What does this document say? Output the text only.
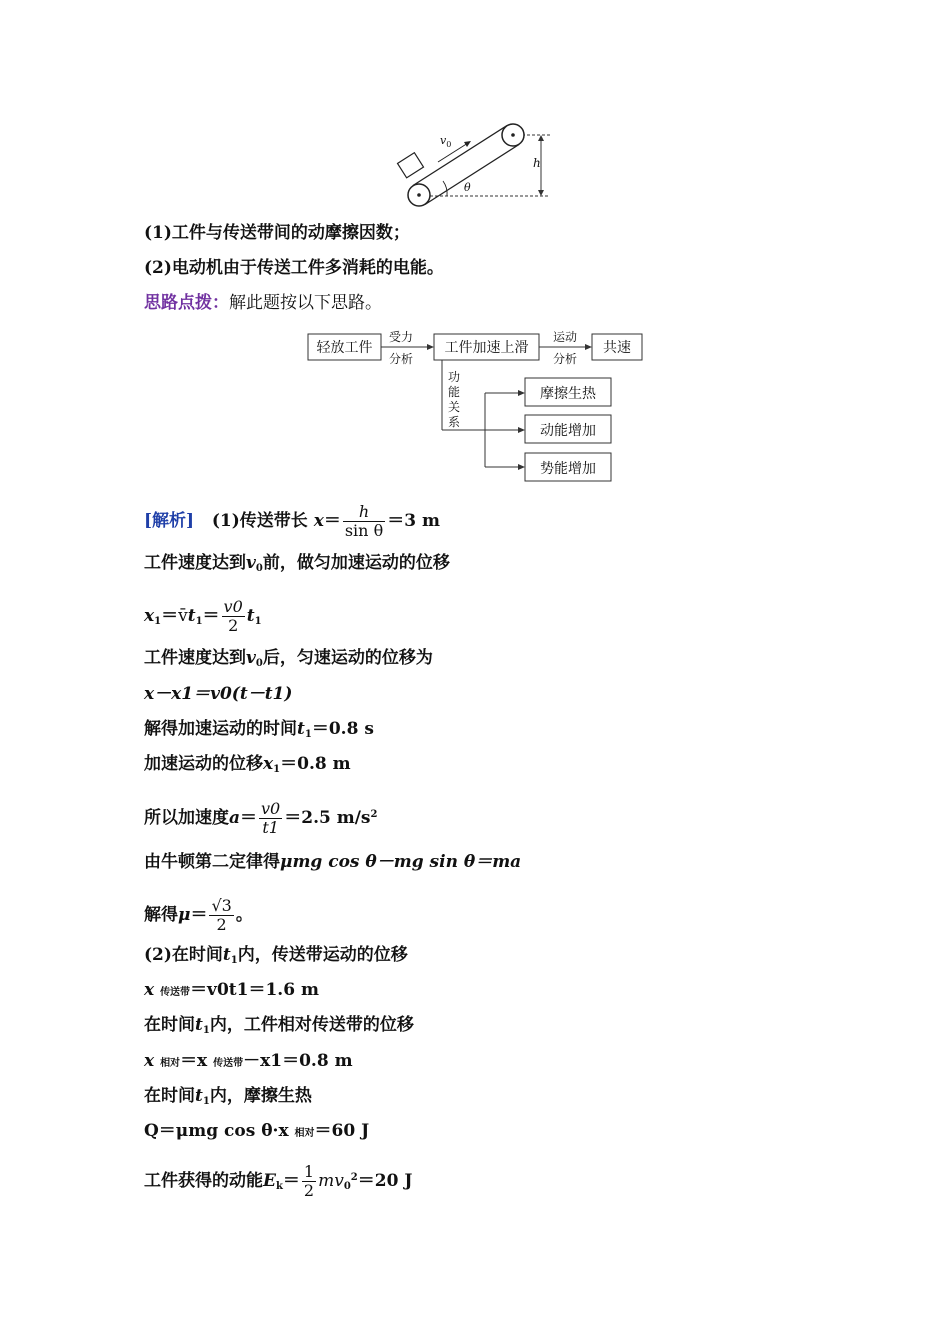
$v_0$
h
θ
(1)工件与传送带间的动摩擦因数；
(2)电动机由于传送工件多消耗的电能。
思路点拨：解此题按以下思路。
轻放工件
受力
分析
工件加速上滑
运动
分析
共速
功
能
关
系
摩擦生热
动能增加
势能增加
[解析] (1)传送带长 $x= \frac{h}{\text{sin θ}} =3$ m
工件速度达到$v_0$前，做匀加速运动的位移
$x_1=v̄t_1= \frac{v0}{2} t_1$
工件速度达到$v_0$后，匀速运动的位移为
x－x1＝v0(t－t1)
解得加速运动的时间$t_1=0.8$ s
加速运动的位移$x_1=0.8$ m
所以加速度$a= \frac{v0}{t1} =2.5$ $m/s^2$
由牛顿第二定律得μmg cos θ－mg sin θ＝ma
解得$\mu= \frac{√3}{2}$ 。
(2)在时间$t_1$内，传送带运动的位移
x 传送带＝v0t1＝1.6 m
在时间$t_1$内，工件相对传送带的位移
x 相对＝x 传送带－x1＝0.8 m
在时间$t_1$内，摩擦生热
Q＝μmg cos θ·x 相对＝60 J
工件获得的动能$E_k= \frac{1}{2} mv_0^2=20$ J
